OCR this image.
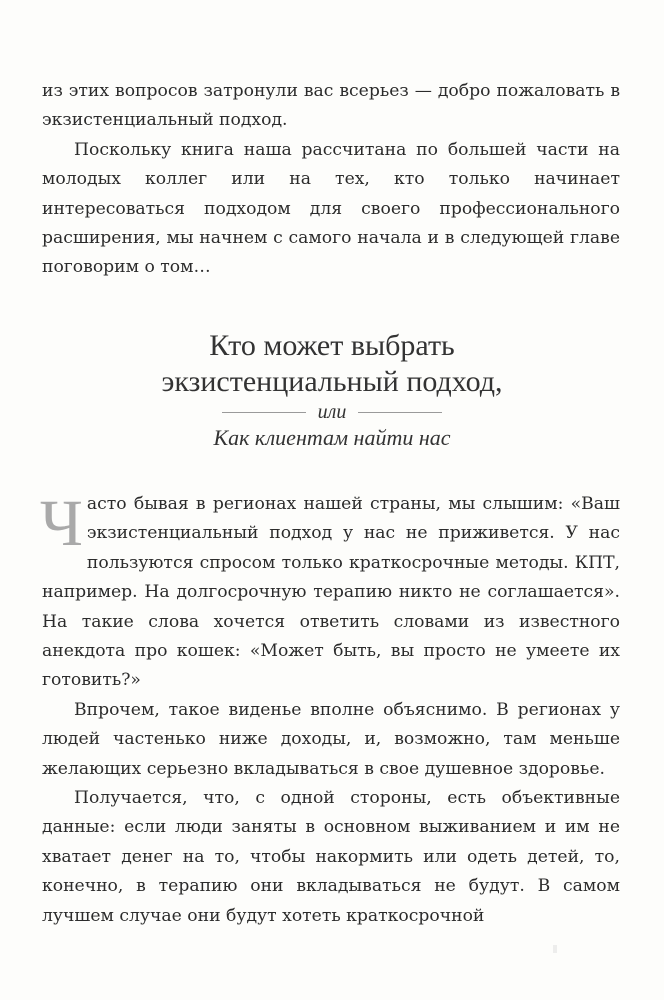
из этих вопросов затронули вас всерьез — добро пожаловать в экзистенциальный подход.

Поскольку книга наша рассчитана по большей части на молодых коллег или на тех, кто только начинает интересоваться подходом для своего профессионального расширения, мы начнем с самого начала и в следующей главе поговорим о том…

Кто может выбрать
экзистенциальный подход,
или
Как клиентам найти нас

Часто бывая в регионах нашей страны, мы слышим: «Ваш экзистенциальный подход у нас не приживется. У нас пользуются спросом только краткосрочные методы. КПТ, например. На долгосрочную терапию никто не соглашается». На такие слова хочется ответить словами из известного анекдота про кошек: «Может быть, вы просто не умеете их готовить?»

Впрочем, такое виденье вполне объяснимо. В регионах у людей частенько ниже доходы, и, возможно, там меньше желающих серьезно вкладываться в свое душевное здоровье.

Получается, что, с одной стороны, есть объективные данные: если люди заняты в основном выживанием и им не хватает денег на то, чтобы накормить или одеть детей, то, конечно, в терапию они вкладываться не будут. В самом лучшем случае они будут хотеть краткосрочной
